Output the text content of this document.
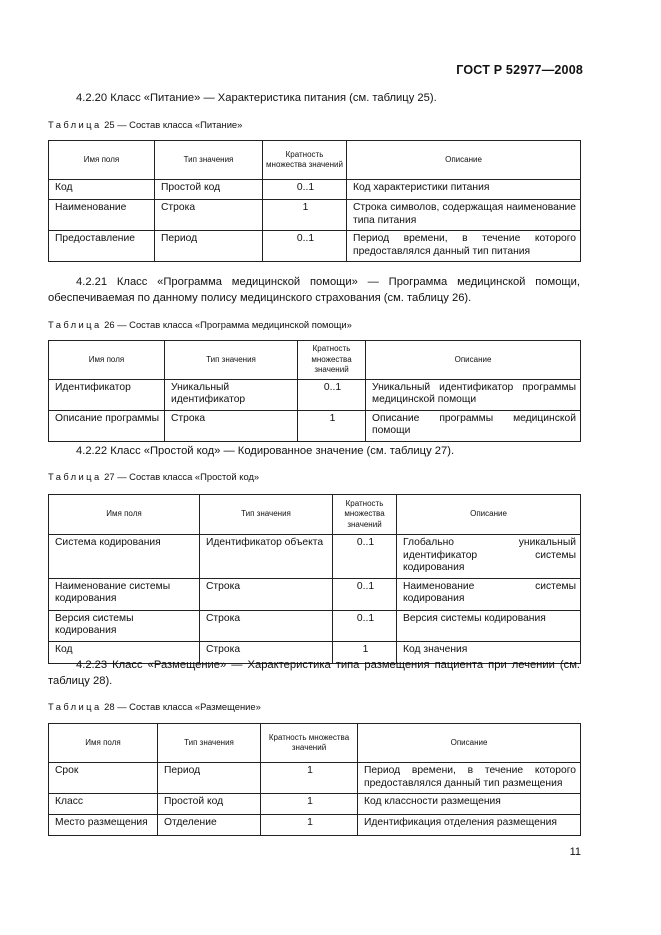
ГОСТ Р 52977—2008

4.2.20 Класс «Питание» — Характеристика питания (см. таблицу 25).

Таблица 25 — Состав класса «Питание»

Имя поля	Тип значения	Кратность множества значений	Описание
Код	Простой код	0..1	Код характеристики питания
Наименование	Строка	1	Строка символов, содержащая наименование типа питания
Предоставление	Период	0..1	Период времени, в течение которого предоставлялся данный тип питания

4.2.21 Класс «Программа медицинской помощи» — Программа медицинской помощи, обеспечиваемая по данному полису медицинского страхования (см. таблицу 26).

Таблица 26 — Состав класса «Программа медицинской помощи»

Имя поля	Тип значения	Кратность множества значений	Описание
Идентификатор	Уникальный идентификатор	0..1	Уникальный идентификатор программы медицинской помощи
Описание программы	Строка	1	Описание программы медицинской помощи

4.2.22 Класс «Простой код» — Кодированное значение (см. таблицу 27).

Таблица 27 — Состав класса «Простой код»

Имя поля	Тип значения	Кратность множества значений	Описание
Система кодирования	Идентификатор объекта	0..1	Глобально уникальный идентификатор системы кодирования
Наименование системы кодирования	Строка	0..1	Наименование системы кодирования
Версия системы кодирования	Строка	0..1	Версия системы кодирования
Код	Строка	1	Код значения

4.2.23 Класс «Размещение» — Характеристика типа размещения пациента при лечении (см. таблицу 28).

Таблица 28 — Состав класса «Размещение»

Имя поля	Тип значения	Кратность множества значений	Описание
Срок	Период	1	Период времени, в течение которого предоставлялся данный тип размещения
Класс	Простой код	1	Код классности размещения
Место размещения	Отделение	1	Идентификация отделения размещения
11
